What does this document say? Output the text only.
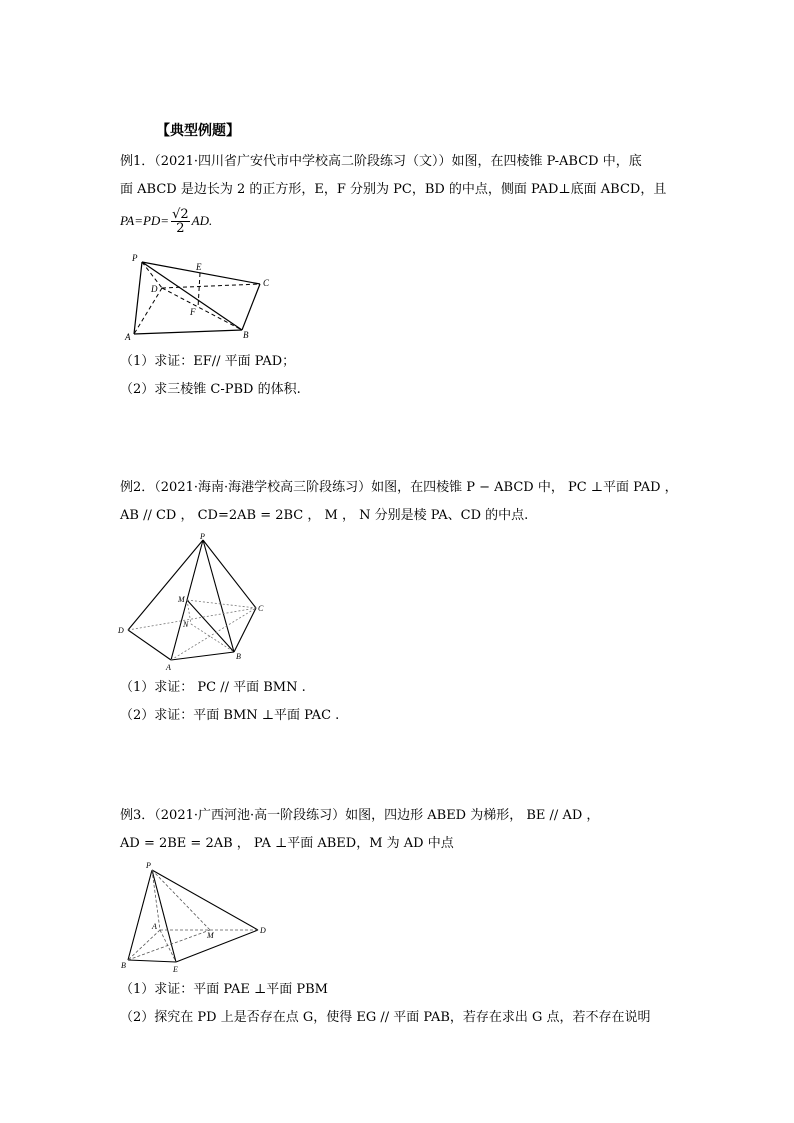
【典型例题】
例1．（2021·四川省广安代市中学校高二阶段练习（文））如图，在四棱锥 P-ABCD 中，底
面 ABCD 是边长为 2 的正方形，E，F 分别为 PC，BD 的中点，侧面 PAD⊥底面 ABCD，且
$PA=PD= \frac{√2}{2}$ AD.
P
E
C
D
F
A	B
（1）求证：EF// 平面 PAD；
（2）求三棱锥 C-PBD 的体积.
例2．（2021·海南·海港学校高三阶段练习）如图，在四棱锥 P − ABCD 中， PC ⊥平面 PAD ，
AB // CD ， CD=2AB = 2BC ， M ， N 分别是棱 PA、CD 的中点.
P
M
C
D
N
A
B
（1）求证： PC // 平面 BMN .
（2）求证：平面 BMN ⊥平面 PAC .
例3．（2021·广西河池·高一阶段练习）如图，四边形 ABED 为梯形， BE // AD ，
AD = 2BE = 2AB ， PA ⊥平面 ABED，M 为 AD 中点
P
A
M
D
B	E
（1）求证：平面 PAE ⊥平面 PBM
（2）探究在 PD 上是否存在点 G，使得 EG // 平面 PAB，若存在求出 G 点，若不存在说明
